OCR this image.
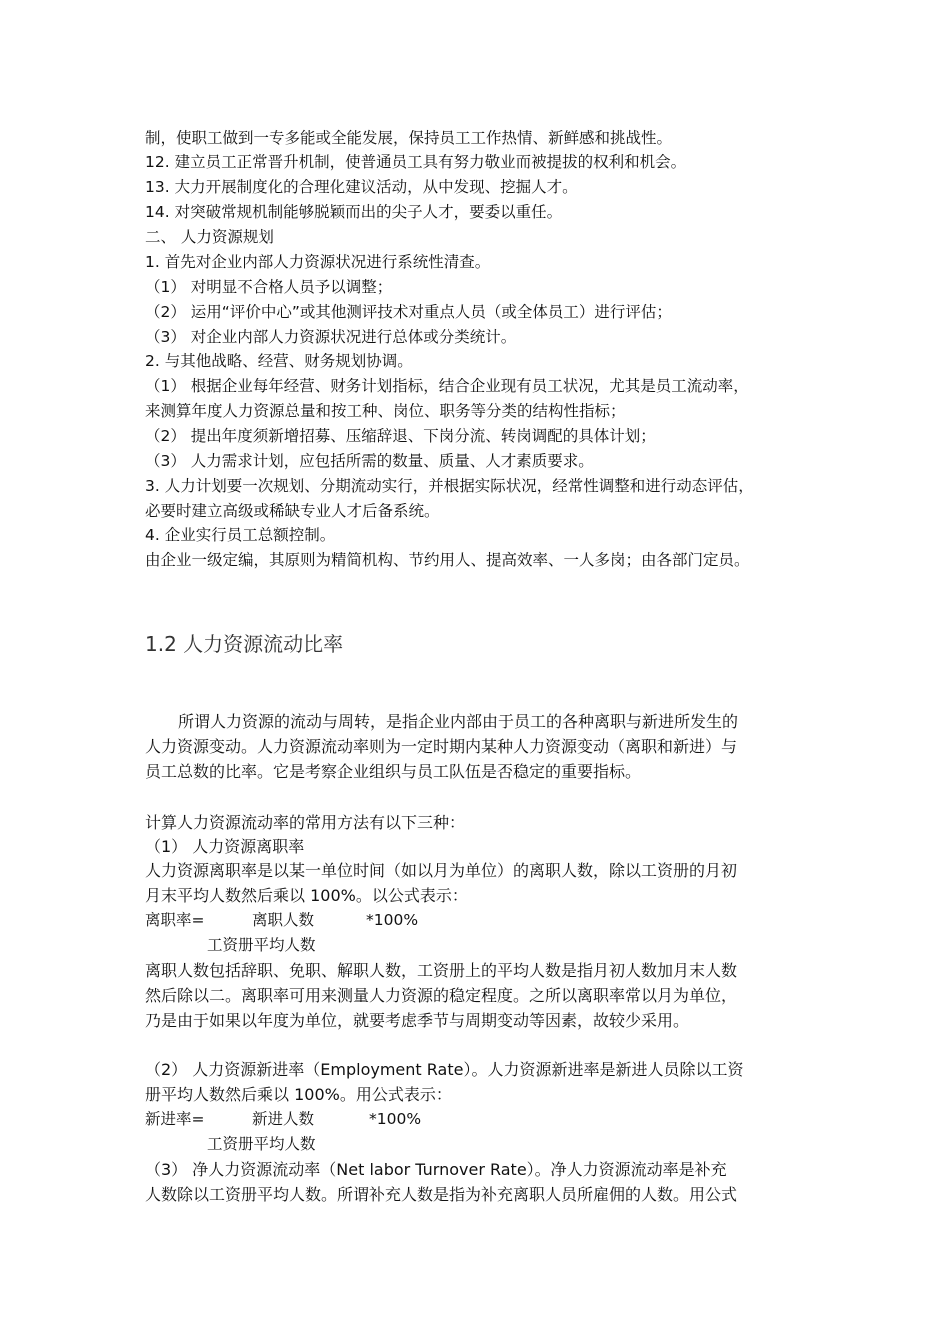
制，使职工做到一专多能或全能发展，保持员工工作热情、新鲜感和挑战性。
12. 建立员工正常晋升机制，使普通员工具有努力敬业而被提拔的权利和机会。
13. 大力开展制度化的合理化建议活动，从中发现、挖掘人才。
14. 对突破常规机制能够脱颖而出的尖子人才，要委以重任。
二、 人力资源规划
1. 首先对企业内部人力资源状况进行系统性清查。
（1） 对明显不合格人员予以调整；
（2） 运用“评价中心”或其他测评技术对重点人员（或全体员工）进行评估；
（3） 对企业内部人力资源状况进行总体或分类统计。
2. 与其他战略、经营、财务规划协调。
（1） 根据企业每年经营、财务计划指标，结合企业现有员工状况，尤其是员工流动率，
来测算年度人力资源总量和按工种、岗位、职务等分类的结构性指标；
（2） 提出年度须新增招募、压缩辞退、下岗分流、转岗调配的具体计划；
（3） 人力需求计划，应包括所需的数量、质量、人才素质要求。
3. 人力计划要一次规划、分期流动实行，并根据实际状况，经常性调整和进行动态评估，
必要时建立高级或稀缺专业人才后备系统。
4. 企业实行员工总额控制。
由企业一级定编，其原则为精简机构、节约用人、提高效率、一人多岗；由各部门定员。
1.2 人力资源流动比率
所谓人力资源的流动与周转，是指企业内部由于员工的各种离职与新进所发生的
人力资源变动。人力资源流动率则为一定时期内某种人力资源变动（离职和新进）与
员工总数的比率。它是考察企业组织与员工队伍是否稳定的重要指标。
计算人力资源流动率的常用方法有以下三种：
（1） 人力资源离职率
人力资源离职率是以某一单位时间（如以月为单位）的离职人数，除以工资册的月初
月末平均人数然后乘以 100%。以公式表示：
离职率=	离职人数	*100%
工资册平均人数
离职人数包括辞职、免职、解职人数，工资册上的平均人数是指月初人数加月末人数
然后除以二。离职率可用来测量人力资源的稳定程度。之所以离职率常以月为单位，
乃是由于如果以年度为单位，就要考虑季节与周期变动等因素，故较少采用。
（2） 人力资源新进率（Employment Rate）。人力资源新进率是新进人员除以工资
册平均人数然后乘以 100%。用公式表示：
新进率=	新进人数	*100%
工资册平均人数
（3） 净人力资源流动率（Net labor Turnover Rate）。净人力资源流动率是补充
人数除以工资册平均人数。所谓补充人数是指为补充离职人员所雇佣的人数。用公式
